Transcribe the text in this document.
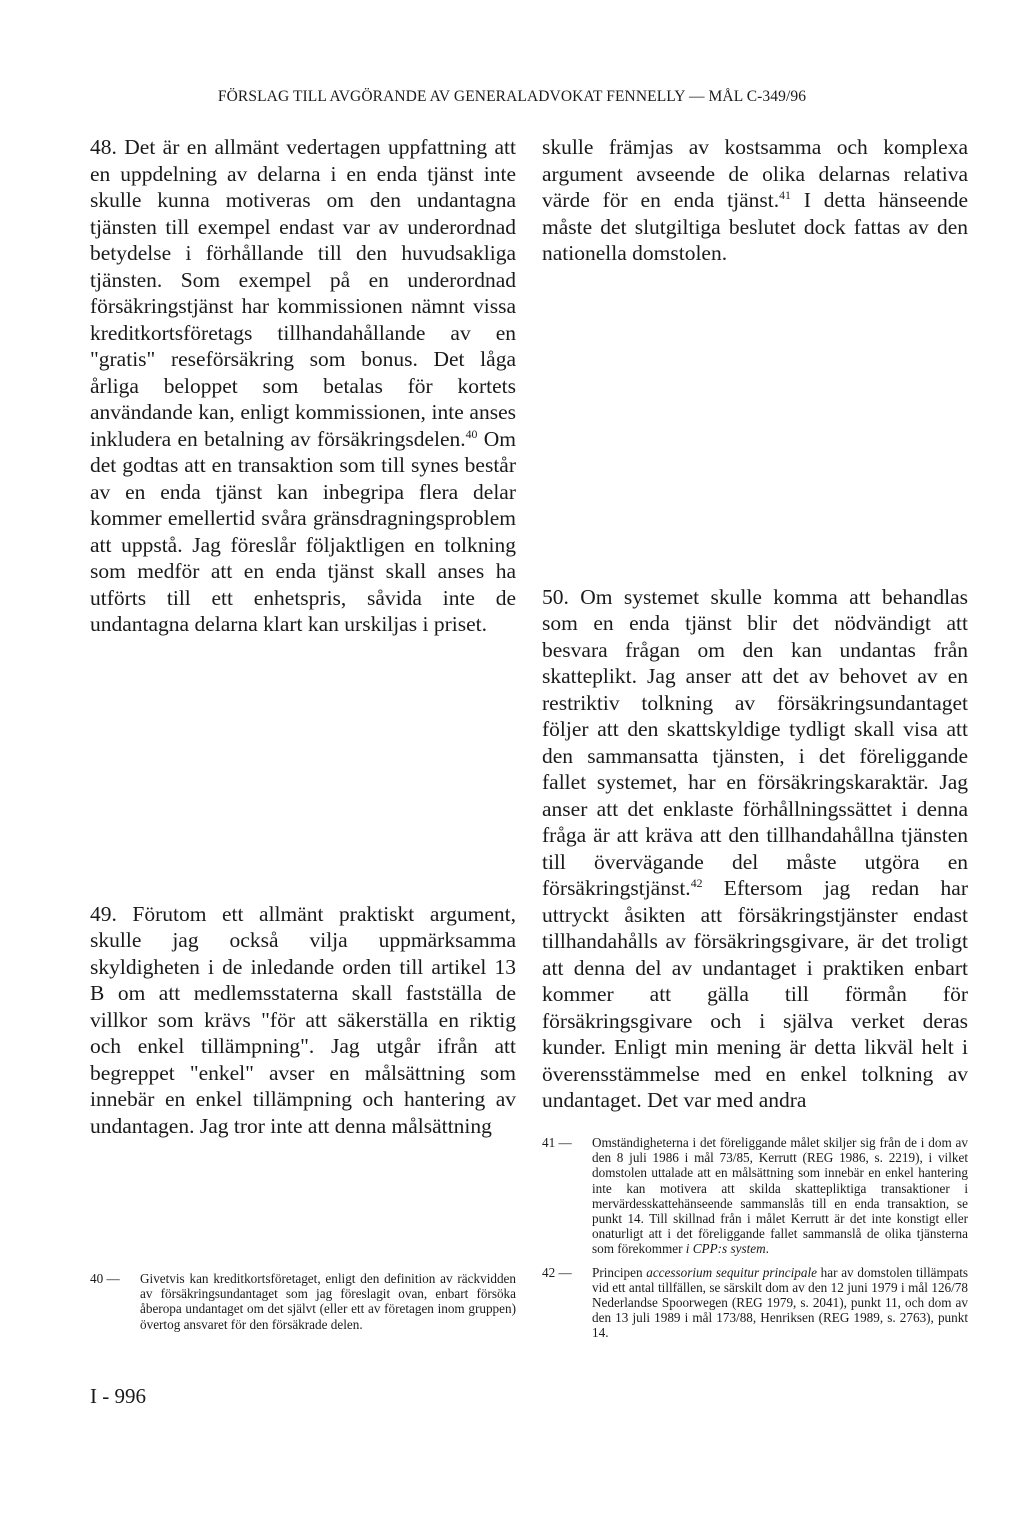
FÖRSLAG TILL AVGÖRANDE AV GENERALADVOKAT FENNELLY — MÅL C-349/96

48. Det är en allmänt vedertagen uppfattning att en uppdelning av delarna i en enda tjänst inte skulle kunna motiveras om den undantagna tjänsten till exempel endast var av underordnad betydelse i förhållande till den huvudsakliga tjänsten. Som exempel på en underordnad försäkringstjänst har kommissionen nämnt vissa kreditkortsföretags tillhandahållande av en "gratis" reseförsäkring som bonus. Det låga årliga beloppet som betalas för kortets användande kan, enligt kommissionen, inte anses inkludera en betalning av försäkringsdelen.$^{40}$ Om det godtas att en transaktion som till synes består av en enda tjänst kan inbegripa flera delar kommer emellertid svåra gränsdragningsproblem att uppstå. Jag föreslår följaktligen en tolkning som medför att en enda tjänst skall anses ha utförts till ett enhetspris, såvida inte de undantagna delarna klart kan urskiljas i priset.

49. Förutom ett allmänt praktiskt argument, skulle jag också vilja uppmärksamma skyldigheten i de inledande orden till artikel 13 B om att medlemsstaterna skall fastställa de villkor som krävs "för att säkerställa en riktig och enkel tillämpning". Jag utgår ifrån att begreppet "enkel" avser en målsättning som innebär en enkel tillämpning och hantering av undantagen. Jag tror inte att denna målsättning

skulle främjas av kostsamma och komplexa argument avseende de olika delarnas relativa värde för en enda tjänst.$^{41}$ I detta hänseende måste det slutgiltiga beslutet dock fattas av den nationella domstolen.

50. Om systemet skulle komma att behandlas som en enda tjänst blir det nödvändigt att besvara frågan om den kan undantas från skatteplikt. Jag anser att det av behovet av en restriktiv tolkning av försäkringsundantaget följer att den skattskyldige tydligt skall visa att den sammansatta tjänsten, i det föreliggande fallet systemet, har en försäkringskaraktär. Jag anser att det enklaste förhållningssättet i denna fråga är att kräva att den tillhandahållna tjänsten till övervägande del måste utgöra en försäkringstjänst.$^{42}$ Eftersom jag redan har uttryckt åsikten att försäkringstjänster endast tillhandahålls av försäkringsgivare, är det troligt att denna del av undantaget i praktiken enbart kommer att gälla till förmån för försäkringsgivare och i själva verket deras kunder. Enligt min mening är detta likväl helt i överensstämmelse med en enkel tolkning av undantaget. Det var med andra

40 —	Givetvis kan kreditkortsföretaget, enligt den definition av räckvidden av försäkringsundantaget som jag föreslagit ovan, enbart försöka åberopa undantaget om det självt (eller ett av företagen inom gruppen) övertog ansvaret för den försäkrade delen.
41 —	Omständigheterna i det föreliggande målet skiljer sig från de i dom av den 8 juli 1986 i mål 73/85, Kerrutt (REG 1986, s. 2219), i vilket domstolen uttalade att en målsättning som innebär en enkel hantering inte kan motivera att skilda skattepliktiga transaktioner i mervärdesskattehänseende sammanslås till en enda transaktion, se punkt 14. Till skillnad från i målet Kerrutt är det inte konstigt eller onaturligt att i det föreliggande fallet sammanslå de olika tjänsterna som förekommer i CPP:s system.
42 —	Principen accessorium sequitur principale har av domstolen tillämpats vid ett antal tillfällen, se särskilt dom av den 12 juni 1979 i mål 126/78 Nederlandse Spoorwegen (REG 1979, s. 2041), punkt 11, och dom av den 13 juli 1989 i mål 173/88, Henriksen (REG 1989, s. 2763), punkt 14.
I - 996
